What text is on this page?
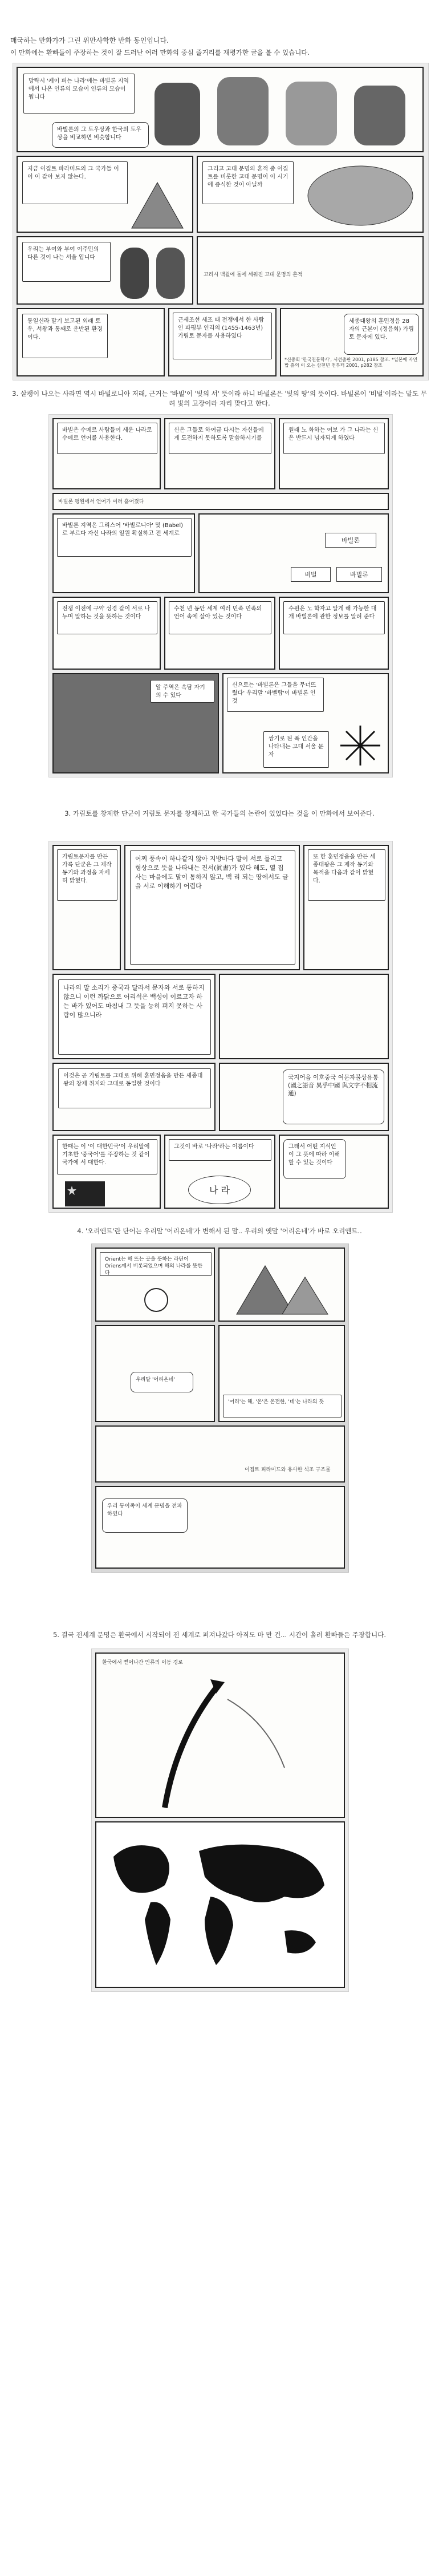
매국하는 만화가가 그린 위만사학한 반화 동인입니다.
이 만화에는 환빠들이 주장하는 것이 잘 드러난 여러 만화의 중심 줄거리를 재평가한 글을 볼 수 있습니다.
망략시 '케이 퍼는 나라'에는 바빌론 지역에서 나온 인류의 모습이 인류의 모습이 됩니다
바빌론의 그 토우상과 한국의 토우상을 비교하면 비슷합니다
지금 이집트 파라미드의 그 국가들 이이 이 같아 보지 않는다.
그리고 고대 문명의 흔적 중 이집트를 비롯한 고대 문명이 이 시기에 증식한 것이 아닐까
우리는 부여와 부여 이주민의 다른 것이 나는 서울 입니다
고려시 백월에 돌에 세워진 고대 문명의 흔적
통일신라 말기 보고된 외래 토우, 서왕과 통째로 운반된 환경이다.
근세조선 세조 때 전쟁에서 한 사람인 파평부 인리의 (1455-1463년) 가림토 문자를 사용하였다
세종대왕의 훈민정음 28자의 근본이 (정음회) 가림토 문자에 있다.
*신중회 '한국천문학사', 서선출판 2001, p185 참조. *일본에 자연밥 흙의 이 오는 삼천년 전부터 2001, p282 참조
3. 살쾡이 나오는 사라면 역시 바빌로니아 저래, 근거는 '바빌'이 '빛의 서' 뜻이라 하니 바빌론은 '빛의 땅'의 뜻이다. 바빌론이 '비벌'이라는 말도 무려 빛의 고장이라 자리 맞다고 한다.
바빌은 수메르 사람들이 세운 나라로 수메르 언어를 사용한다.
신은 그들로 하여금 다시는 자신들에게 도전하지 못하도록 말씀하시기를
원래 노 화하는 여보 가 그 나라는 신은 반드시 넘자되게 하였다
바빌론 평원에서 언어가 여러 흩어졌다
바빌론 지역은 그리스어 '바빌로니아' 및 (Babel)로 부르다 자신 나라의 일원 확실하고 전 세계로
바빌론
비벌	바빌론
전쟁 이전에 구약 성경 같이 서로 나누며 말하는 것을 뜻하는 것이다
수천 년 동안 세계 여러 민족 민족의 언어 속에 살아 있는 것이다
수원은 노 학자고 알게 해 가능한 대개 바빌론에 관한 정보를 알려 준다
알 주역은 속담 자기의 수 있다
신으로는 '바빌론은 그들을 무너뜨렸다' 우리말 '바벨탑'이 바빌론 인 것
쌈기로 된 폭 인간을 나타내는 고대 서울 문자
3. 가림토를 창제한 단군이 거림토 문자를 창제하고 한 국가들의 논란이 있었다는 것을 이 만화에서 보여준다.
가림토문자를 만든 가륵 단군은 그 제작 동기와 과정을 자세히 밝혔다.
어찌 풍속이 하나같지 않아 지방마다 말이 서로 틀리고 형상으로 뜻을 나타내는 진서(眞書)가 있다 해도, 열 집 사는 마을에도 말이 통하지 않고, 백 리 되는 땅에서도 글을 서로 이해하기 어렵다
또 한 훈민정음을 만든 세종대왕은 그 제작 동기와 목적을 다음과 같이 밝혔다.
나라의 말 소리가 중국과 달라서 문자와 서로 통하지 않으니 이런 까닭으로 어리석은 백성이 이르고자 하는 바가 있어도 마침내 그 뜻을 능히 펴지 못하는 사람이 많으니라
이것은 곧 가림토를 그대로 위해 훈민정음을 만든 세종대왕의 창제 취지와 그대로 동일한 것이다
국지어음 이호중국 여문자불상유통
(國之語音 異乎中國 與文字不相流通)
한때는 이 '이 대한민국'이 우리말에 기초한 '중국어'를 주장하는 것 같이 국가에 서 대한다.
그것이 바로 '나라'라는 이름이다
나 라
그래서 어떤 지식인이 그 뜻에 따라 이해할 수 있는 것이다
4. '오리엔트'란 단어는 우리말 '어리온네'가 변해서 된 말.. 우리의 옛말 '어리온네'가 바로 오리엔트..
Orient는 해 뜨는 곳을 뜻하는 라틴어 Oriens에서 비롯되었으며 해의 나라를 뜻한다
우리말 '어리온네'
'어리'는 해, '온'은 온전한, '네'는 나라의 뜻
이집트 피라미드와 유사한 석조 구조물
우리 동이족이 세계 문명을 전파하였다
5. 결국 전세계 문명은 환국에서 시작되어 전 세계로 퍼져나갔다 아직도 마 만 건... 시간이 흘러 환빠들은 주장합니다.
환국에서 뻗어나간 인류의 이동 경로
결국 전세계의 모든 문명은 환국에서 시작되었다
